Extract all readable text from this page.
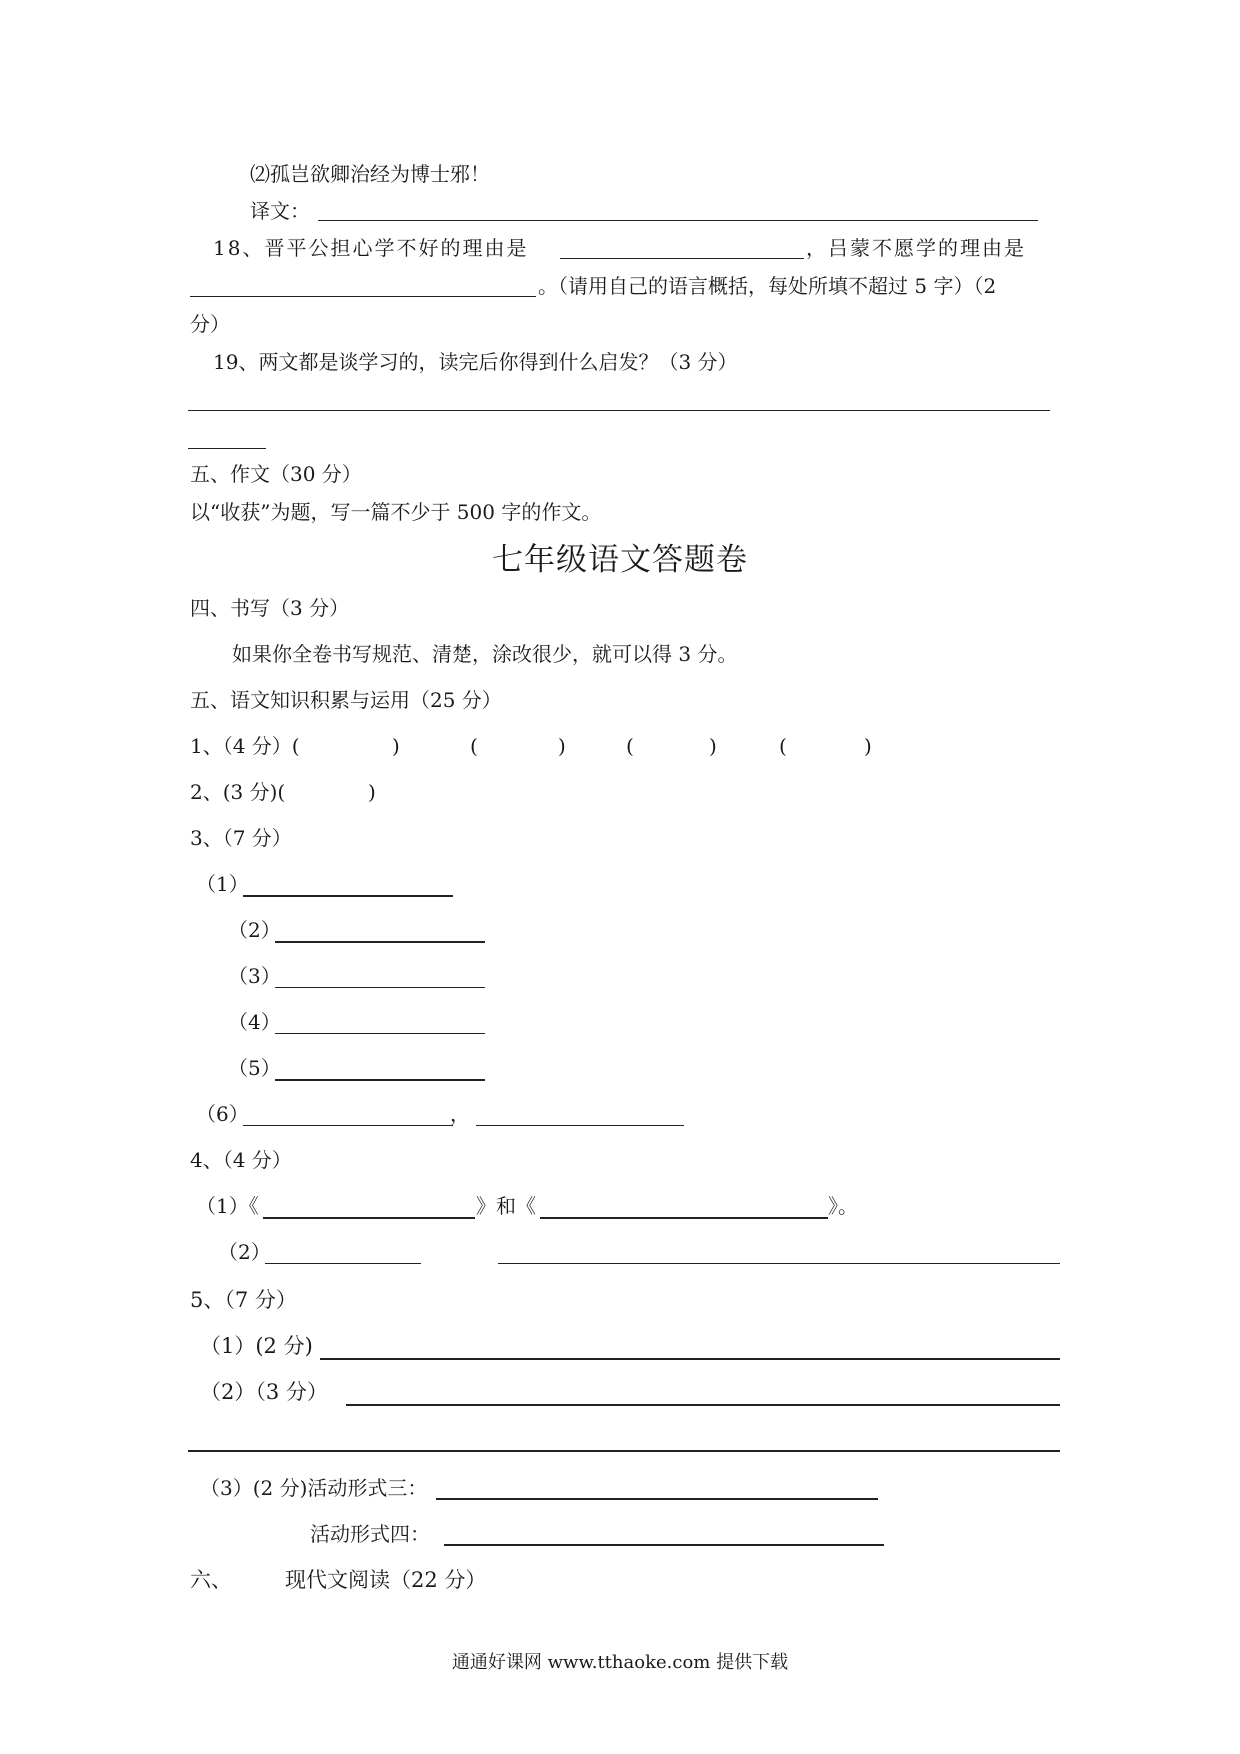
⑵孤岂欲卿治经为博士邪！
译文：
18、晋平公担心学不好的理由是	，吕蒙不愿学的理由是
。（请用自己的语言概括，每处所填不超过 5 字）（2
分）
19、两文都是谈学习的，读完后你得到什么启发？（3 分）
五、作文（30 分）
以“收获”为题，写一篇不少于 500 字的作文。
七年级语文答题卷
四、书写（3 分）
如果你全卷书写规范、清楚，涂改很少，就可以得 3 分。
五、语文知识积累与运用（25 分）
1、（4 分）(	)	(	)	(	)	(	)
2、(3 分)(	)
3、（7 分）
（1）
（2）
（3）
（4）
（5）
（6）	，
4、（4 分）
（1）《	》和《	》。
（2）
5、（7 分）
（1）(2 分)
（2）（3 分）
（3）(2 分)活动形式三：
活动形式四：
六、	现代文阅读（22 分）
通通好课网 www.tthaoke.com 提供下载
